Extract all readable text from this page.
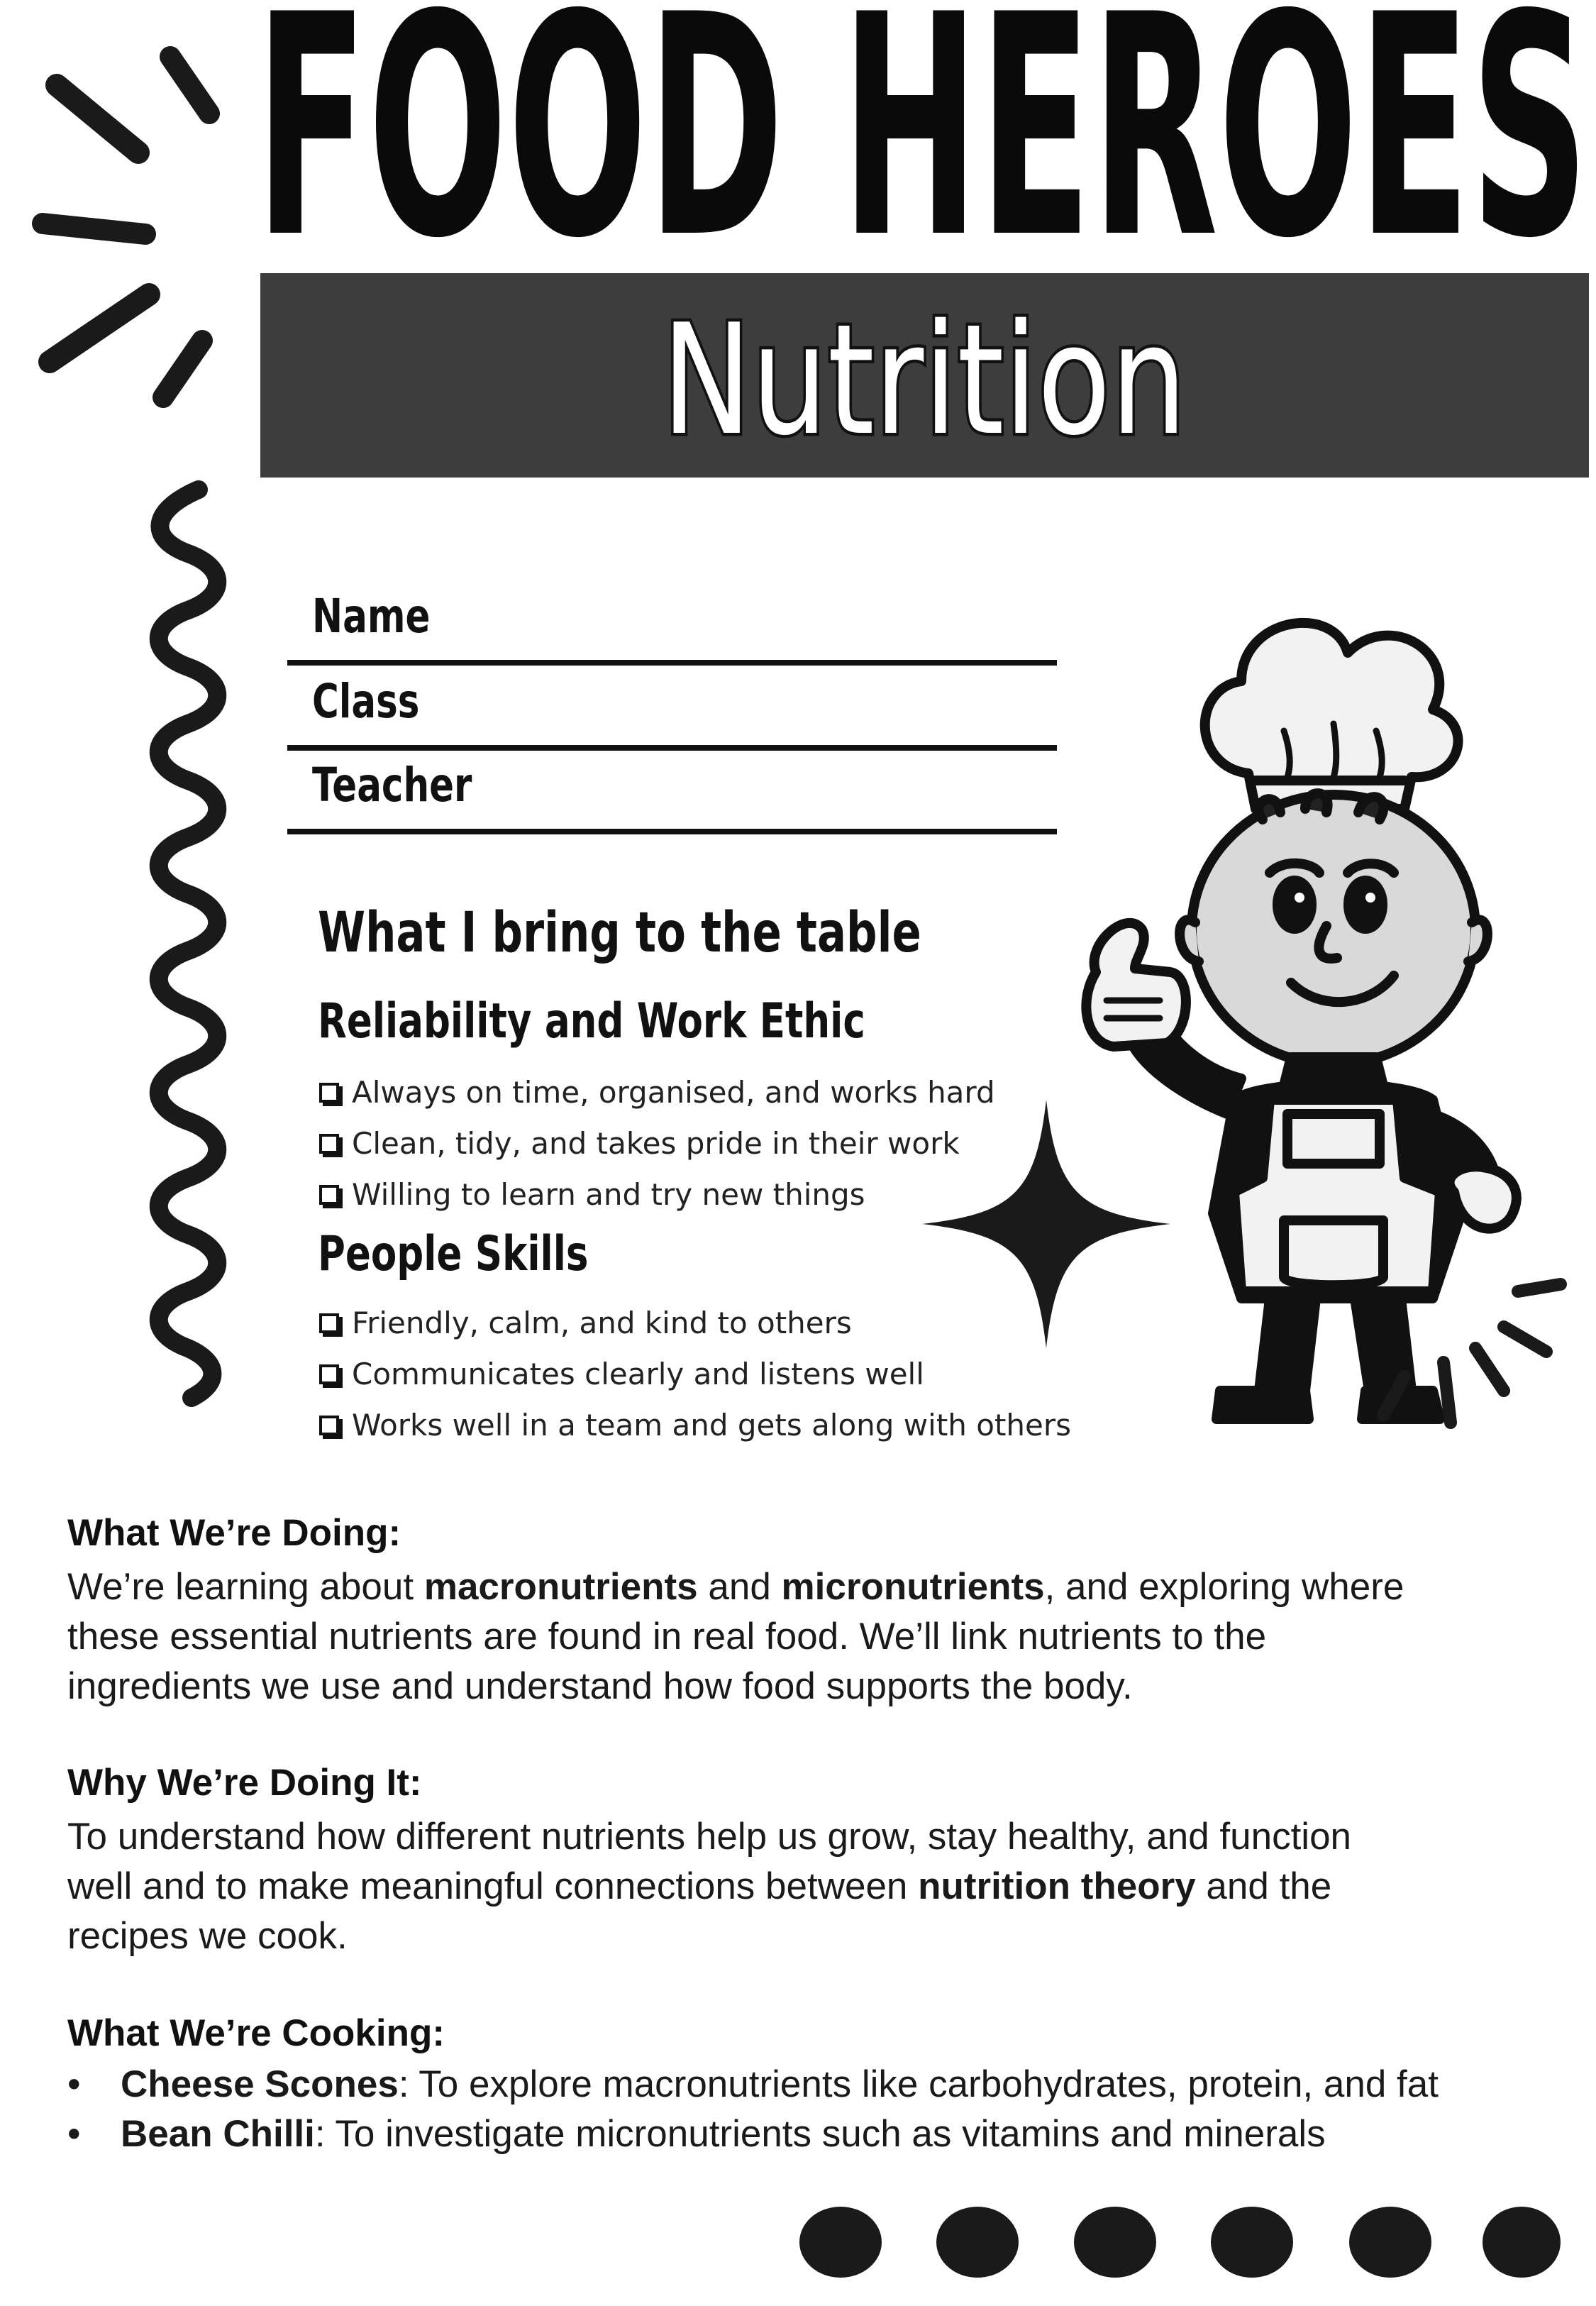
FOOD HEROES
Nutrition
Name
Class
Teacher
What I bring to the table
Reliability and Work Ethic
Always on time, organised, and works hard
Clean, tidy, and takes pride in their work
Willing to learn and try new things
People Skills
Friendly, calm, and kind to others
Communicates clearly and listens well
Works well in a team and gets along with others
What We’re Doing:
We’re learning about macronutrients and micronutrients, and exploring where
these essential nutrients are found in real food. We’ll link nutrients to the
ingredients we use and understand how food supports the body.
Why We’re Doing It:
To understand how different nutrients help us grow, stay healthy, and function
well and to make meaningful connections between nutrition theory and the
recipes we cook.
What We’re Cooking:
• Cheese Scones: To explore macronutrients like carbohydrates, protein, and fat
• Bean Chilli: To investigate micronutrients such as vitamins and minerals
